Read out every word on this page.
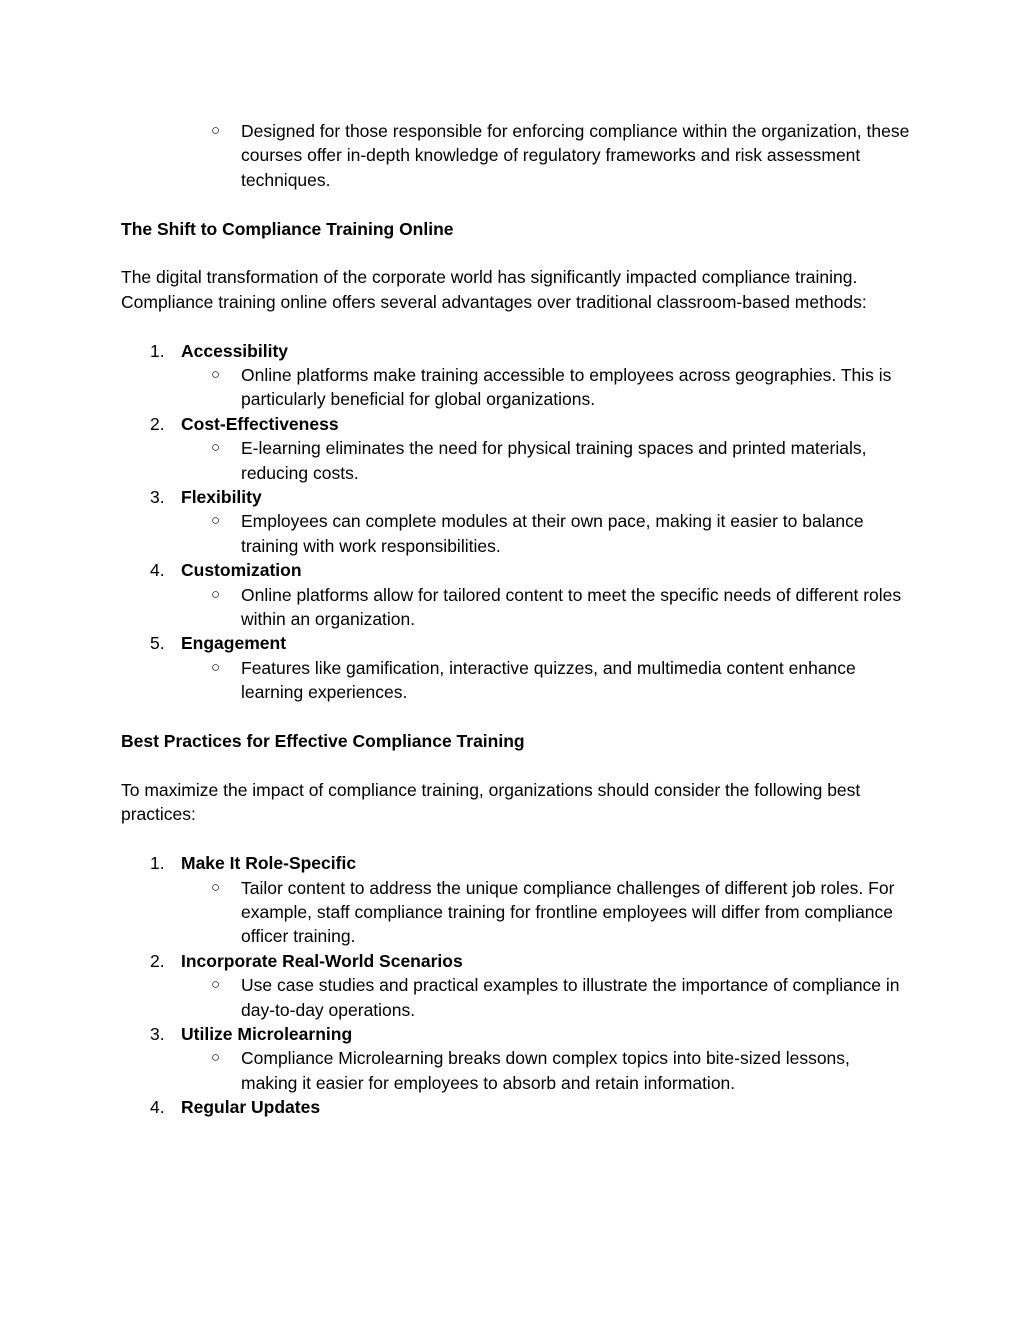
○ Designed for those responsible for enforcing compliance within the organization, these courses offer in-depth knowledge of regulatory frameworks and risk assessment techniques.

The Shift to Compliance Training Online

The digital transformation of the corporate world has significantly impacted compliance training. Compliance training online offers several advantages over traditional classroom-based methods:

1. Accessibility
○ Online platforms make training accessible to employees across geographies. This is particularly beneficial for global organizations.

2. Cost-Effectiveness
○ E-learning eliminates the need for physical training spaces and printed materials, reducing costs.

3. Flexibility
○ Employees can complete modules at their own pace, making it easier to balance training with work responsibilities.

4. Customization
○ Online platforms allow for tailored content to meet the specific needs of different roles within an organization.

5. Engagement
○ Features like gamification, interactive quizzes, and multimedia content enhance learning experiences.

Best Practices for Effective Compliance Training

To maximize the impact of compliance training, organizations should consider the following best practices:

1. Make It Role-Specific
○ Tailor content to address the unique compliance challenges of different job roles. For example, staff compliance training for frontline employees will differ from compliance officer training.

2. Incorporate Real-World Scenarios
○ Use case studies and practical examples to illustrate the importance of compliance in day-to-day operations.

3. Utilize Microlearning
○ Compliance Microlearning breaks down complex topics into bite-sized lessons, making it easier for employees to absorb and retain information.

4. Regular Updates
